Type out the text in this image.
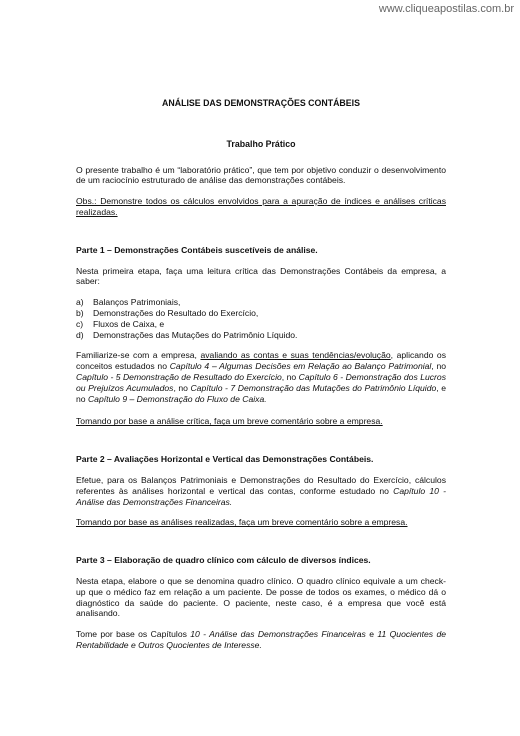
www.cliqueapostilas.com.br
ANÁLISE DAS DEMONSTRAÇÕES CONTÁBEIS
Trabalho Prático

O presente trabalho é um “laboratório prático”, que tem por objetivo conduzir o desenvolvimento de um raciocínio estruturado de análise das demonstrações contábeis.

Obs.: Demonstre todos os cálculos envolvidos para a apuração de índices e análises críticas realizadas.

Parte 1 – Demonstrações Contábeis suscetíveis de análise.

Nesta primeira etapa, faça uma leitura crítica das Demonstrações Contábeis da empresa, a saber:

a)	Balanços Patrimoniais,
b)	Demonstrações do Resultado do Exercício,
c)	Fluxos de Caixa, e
d)	Demonstrações das Mutações do Patrimônio Líquido.

Familiarize-se com a empresa, avaliando as contas e suas tendências/evolução, aplicando os conceitos estudados no Capítulo 4 – Algumas Decisões em Relação ao Balanço Patrimonial, no Capítulo - 5 Demonstração de Resultado do Exercício, no Capítulo 6 - Demonstração dos Lucros ou Prejuízos Acumulados, no Capítulo - 7 Demonstração das Mutações do Patrimônio Líquido, e no Capítulo 9 – Demonstração do Fluxo de Caixa.

Tomando por base a análise crítica, faça um breve comentário sobre a empresa.

Parte 2 – Avaliações Horizontal e Vertical das Demonstrações Contábeis.

Efetue, para os Balanços Patrimoniais e Demonstrações do Resultado do Exercício, cálculos referentes às análises horizontal e vertical das contas, conforme estudado no Capítulo 10 - Análise das Demonstrações Financeiras.

Tomando por base as análises realizadas, faça um breve comentário sobre a empresa.

Parte 3 – Elaboração de quadro clínico com cálculo de diversos índices.

Nesta etapa, elabore o que se denomina quadro clínico. O quadro clínico equivale a um check-up que o médico faz em relação a um paciente. De posse de todos os exames, o médico dá o diagnóstico da saúde do paciente. O paciente, neste caso, é a empresa que você está analisando.

Tome por base os Capítulos 10 - Análise das Demonstrações Financeiras e 11 Quocientes de Rentabilidade e Outros Quocientes de Interesse.
